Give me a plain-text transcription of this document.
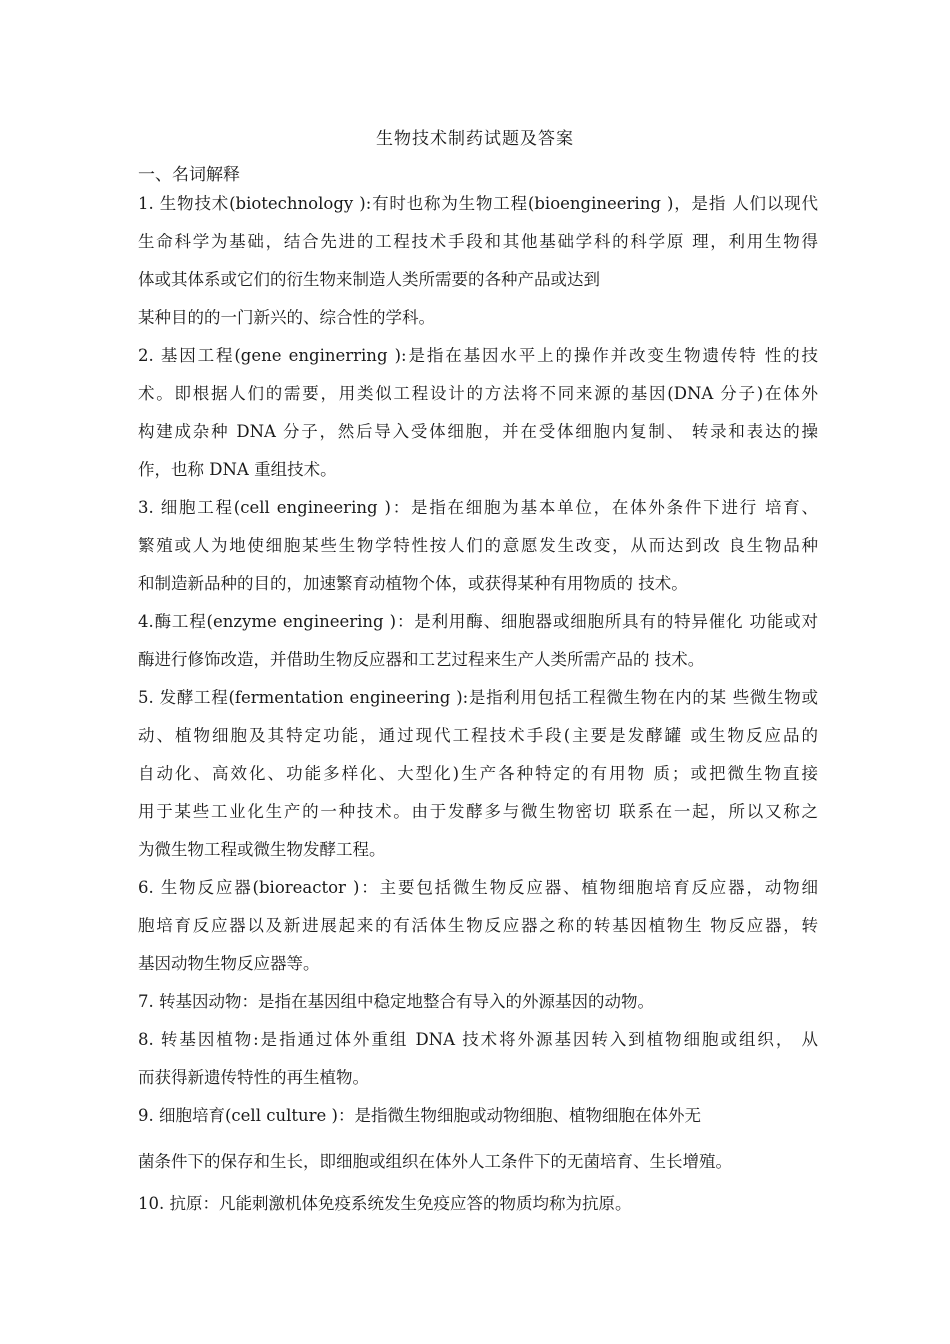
生物技术制药试题及答案
一、名词解释
1. 生物技术(biotechnology ):有时也称为生物工程(bioengineering )，是指 人们以现代
生命科学为基础，结合先进的工程技术手段和其他基础学科的科学原 理，利用生物得
体或其体系或它们的衍生物来制造人类所需要的各种产品或达到
某种目的的一门新兴的、综合性的学科。
2. 基因工程(gene enginerring ):是指在基因水平上的操作并改变生物遗传特 性的技
术。即根据人们的需要，用类似工程设计的方法将不同来源的基因(DNA 分子)在体外
构建成杂种 DNA 分子，然后导入受体细胞，并在受体细胞内复制、 转录和表达的操
作，也称 DNA 重组技术。
3. 细胞工程(cell engineering )：是指在细胞为基本单位，在体外条件下进行 培育、
繁殖或人为地使细胞某些生物学特性按人们的意愿发生改变，从而达到改 良生物品种
和制造新品种的目的，加速繁育动植物个体，或获得某种有用物质的 技术。
4.酶工程(enzyme engineering )：是利用酶、细胞器或细胞所具有的特异催化 功能或对
酶进行修饰改造，并借助生物反应器和工艺过程来生产人类所需产品的 技术。
5. 发酵工程(fermentation engineering ):是指利用包括工程微生物在内的某 些微生物或
动、植物细胞及其特定功能，通过现代工程技术手段(主要是发酵罐 或生物反应品的
自动化、高效化、功能多样化、大型化)生产各种特定的有用物 质；或把微生物直接
用于某些工业化生产的一种技术。由于发酵多与微生物密切 联系在一起，所以又称之
为微生物工程或微生物发酵工程。
6. 生物反应器(bioreactor )：主要包括微生物反应器、植物细胞培育反应器，动物细
胞培育反应器以及新进展起来的有活体生物反应器之称的转基因植物生 物反应器，转
基因动物生物反应器等。
7. 转基因动物：是指在基因组中稳定地整合有导入的外源基因的动物。
8. 转基因植物:是指通过体外重组 DNA 技术将外源基因转入到植物细胞或组织， 从
而获得新遗传特性的再生植物。
9. 细胞培育(cell culture )：是指微生物细胞或动物细胞、植物细胞在体外无
菌条件下的保存和生长，即细胞或组织在体外人工条件下的无菌培育、生长增殖。
10. 抗原：凡能刺激机体免疫系统发生免疫应答的物质均称为抗原。
